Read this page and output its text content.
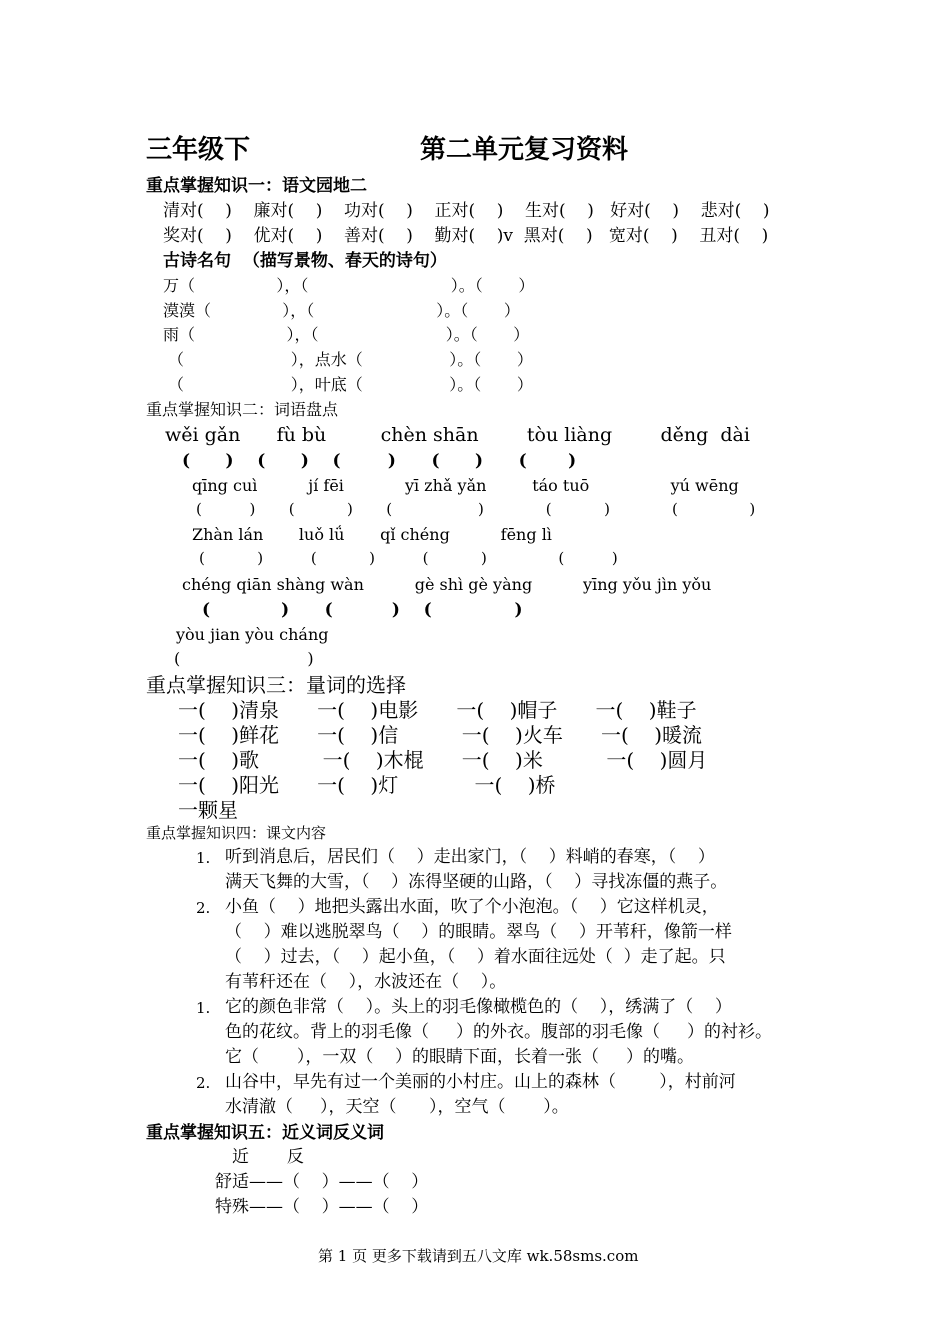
三年级下	第二单元复习资料
重点掌握知识一：语文园地二
清对(    )    廉对(    )    功对(    )    正对(    )    生对(    )   好对(    )    悲对(    )
奖对(    )    优对(    )    善对(    )    勤对(    )v  黑对(    )   宽对(    )    丑对(    )
古诗名句  （描写景物、春天的诗句）
万（                ），（                            ）。（       ）
漠漠（              ），（                        ）。（       ）
雨（                  ），（                         ）。（       ）
（                     ），点水（                 ）。（       ）
（                     ），叶底（                 ）。（       ）
重点掌握知识二：词语盘点
wěi gǎn      fù bù         chèn shān        tòu liàng        děng  dài
(      )    (      )    (        )      (      )      (       )
qīng cuì          jí fēi            yī zhǎ yǎn         táo tuō                yú wēng
(          )       (           )       (                  )             (           )             (               )
Zhàn lán       luǒ lǘ       qǐ chéng          fēng lì
(           )          (           )          (           )               (          )
chéng qiān shàng wàn          gè shì gè yàng          yīng yǒu jìn yǒu
(            )      (          )    (              )
yòu jian yòu cháng
(                         )
重点掌握知识三：量词的选择
一(    )清泉      一(    )电影      一(    )帽子      一(    )鞋子
一(    )鲜花      一(    )信          一(    )火车      一(    )暖流
一(    )歌          一(    )木棍      一(    )米          一(    )圆月
一(    )阳光      一(    )灯            一(    )桥
一颗星
重点掌握知识四：课文内容
1. 听到消息后，居民们（    ）走出家门，（    ）料峭的春寒，（    ）
满天飞舞的大雪，（    ）冻得坚硬的山路，（    ）寻找冻僵的燕子。
2. 小鱼（    ）地把头露出水面，吹了个小泡泡。（    ）它这样机灵，
（    ）难以逃脱翠鸟（    ）的眼睛。翠鸟（    ）开苇秆，像箭一样
（    ）过去，（    ）起小鱼，（    ）着水面往远处（  ）走了起。只
有苇秆还在（    ），水波还在（    ）。
1. 它的颜色非常（    ）。头上的羽毛像橄榄色的（    ），绣满了（    ）
色的花纹。背上的羽毛像（     ）的外衣。腹部的羽毛像（     ）的衬衫。
它（       ），一双（    ）的眼睛下面，长着一张（     ）的嘴。
2. 山谷中，早先有过一个美丽的小村庄。山上的森林（        ），村前河
水清澈（     ），天空（      ），空气（       ）。
重点掌握知识五：近义词反义词
近       反
舒适——（    ）——（    ）
特殊——（    ）——（    ）
第 1 页 更多下载请到五八文库 wk.58sms.com
